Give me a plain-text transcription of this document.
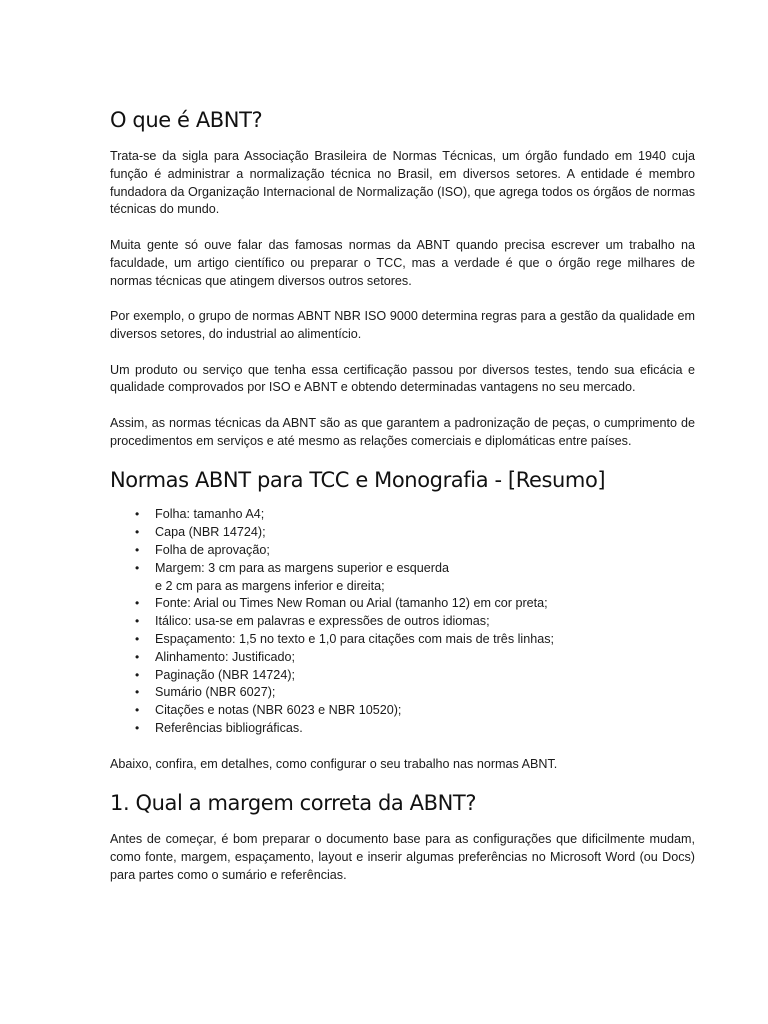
O que é ABNT?

Trata-se da sigla para Associação Brasileira de Normas Técnicas, um órgão fundado em 1940 cuja função é administrar a normalização técnica no Brasil, em diversos setores. A entidade é membro fundadora da Organização Internacional de Normalização (ISO), que agrega todos os órgãos de normas técnicas do mundo.

Muita gente só ouve falar das famosas normas da ABNT quando precisa escrever um trabalho na faculdade, um artigo científico ou preparar o TCC, mas a verdade é que o órgão rege milhares de normas técnicas que atingem diversos outros setores.

Por exemplo, o grupo de normas ABNT NBR ISO 9000 determina regras para a gestão da qualidade em diversos setores, do industrial ao alimentício.

Um produto ou serviço que tenha essa certificação passou por diversos testes, tendo sua eficácia e qualidade comprovados por ISO e ABNT e obtendo determinadas vantagens no seu mercado.

Assim, as normas técnicas da ABNT são as que garantem a padronização de peças, o cumprimento de procedimentos em serviços e até mesmo as relações comerciais e diplomáticas entre países.

Normas ABNT para TCC e Monografia - [Resumo]
• Folha: tamanho A4;
• Capa (NBR 14724);
• Folha de aprovação;
• Margem: 3 cm para as margens superior e esquerda
e 2 cm para as margens inferior e direita;
• Fonte: Arial ou Times New Roman ou Arial (tamanho 12) em cor preta;
• Itálico: usa-se em palavras e expressões de outros idiomas;
• Espaçamento: 1,5 no texto e 1,0 para citações com mais de três linhas;
• Alinhamento: Justificado;
• Paginação (NBR 14724);
• Sumário (NBR 6027);
• Citações e notas (NBR 6023 e NBR 10520);
• Referências bibliográficas.

Abaixo, confira, em detalhes, como configurar o seu trabalho nas normas ABNT.

1. Qual a margem correta da ABNT?

Antes de começar, é bom preparar o documento base para as configurações que dificilmente mudam, como fonte, margem, espaçamento, layout e inserir algumas preferências no Microsoft Word (ou Docs) para partes como o sumário e referências.
